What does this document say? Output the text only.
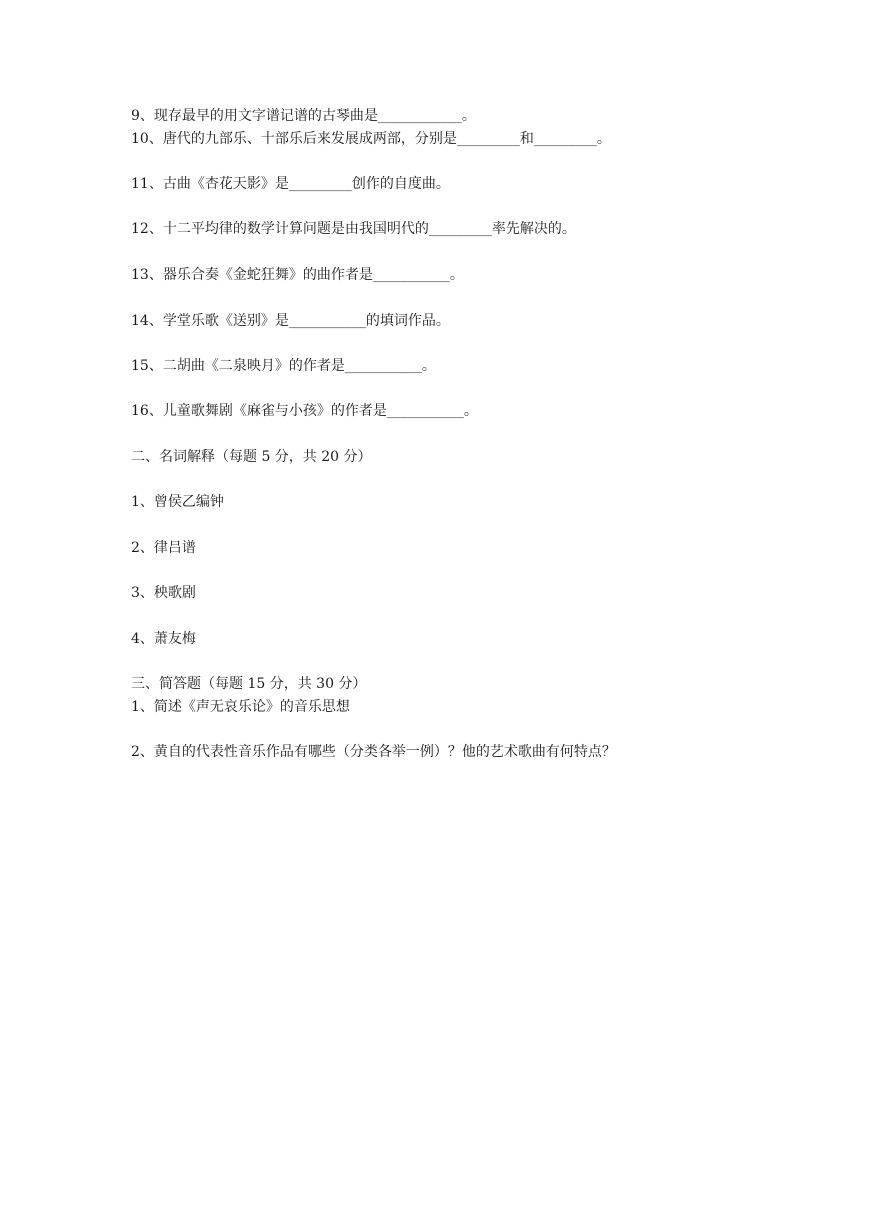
9、现存最早的用文字谱记谱的古琴曲是____________。
10、唐代的九部乐、十部乐后来发展成两部，分别是_________和_________。
11、古曲《杏花天影》是_________创作的自度曲。
12、十二平均律的数学计算问题是由我国明代的_________率先解决的。
13、器乐合奏《金蛇狂舞》的曲作者是___________。
14、学堂乐歌《送别》是___________的填词作品。
15、二胡曲《二泉映月》的作者是___________。
16、儿童歌舞剧《麻雀与小孩》的作者是___________。
二、名词解释（每题 5 分，共 20 分）
1、曾侯乙编钟
2、律吕谱
3、秧歌剧
4、萧友梅
三、简答题（每题 15 分，共 30 分）
1、简述《声无哀乐论》的音乐思想
2、黄自的代表性音乐作品有哪些（分类各举一例）？他的艺术歌曲有何特点？
